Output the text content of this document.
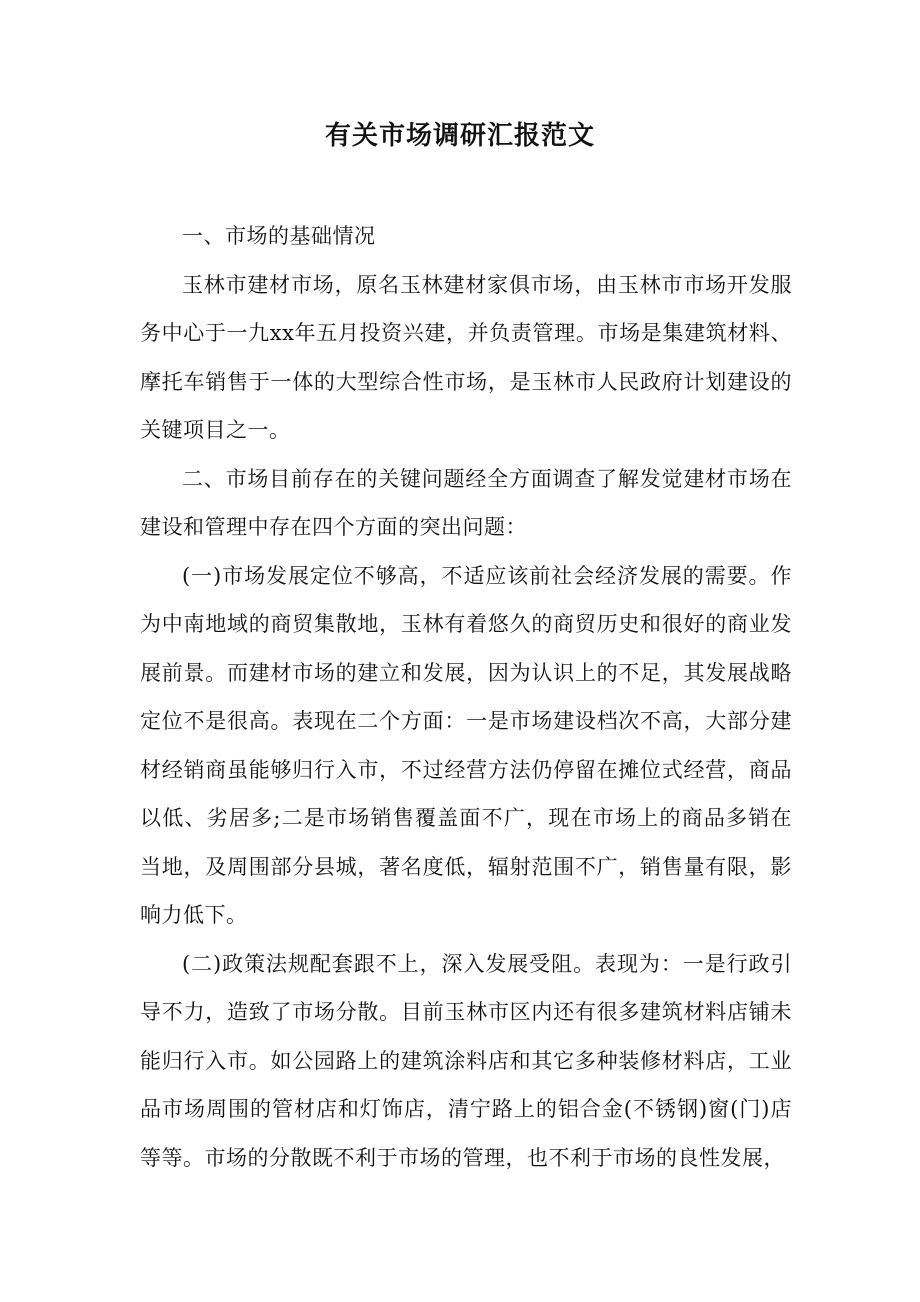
有关市场调研汇报范文

一、市场的基础情况

玉林市建材市场，原名玉林建材家俱市场，由玉林市市场开发服务中心于一九xx年五月投资兴建，并负责管理。市场是集建筑材料、摩托车销售于一体的大型综合性市场，是玉林市人民政府计划建设的关键项目之一。

二、市场目前存在的关键问题经全方面调查了解发觉建材市场在建设和管理中存在四个方面的突出问题：

(一)市场发展定位不够高，不适应该前社会经济发展的需要。作为中南地域的商贸集散地，玉林有着悠久的商贸历史和很好的商业发展前景。而建材市场的建立和发展，因为认识上的不足，其发展战略定位不是很高。表现在二个方面：一是市场建设档次不高，大部分建材经销商虽能够归行入市，不过经营方法仍停留在摊位式经营，商品以低、劣居多;二是市场销售覆盖面不广，现在市场上的商品多销在当地，及周围部分县城，著名度低，辐射范围不广，销售量有限，影响力低下。

(二)政策法规配套跟不上，深入发展受阻。表现为：一是行政引导不力，造致了市场分散。目前玉林市区内还有很多建筑材料店铺未能归行入市。如公园路上的建筑涂料店和其它多种装修材料店，工业品市场周围的管材店和灯饰店，清宁路上的铝合金(不锈钢)窗(门)店等等。市场的分散既不利于市场的管理，也不利于市场的良性发展，
